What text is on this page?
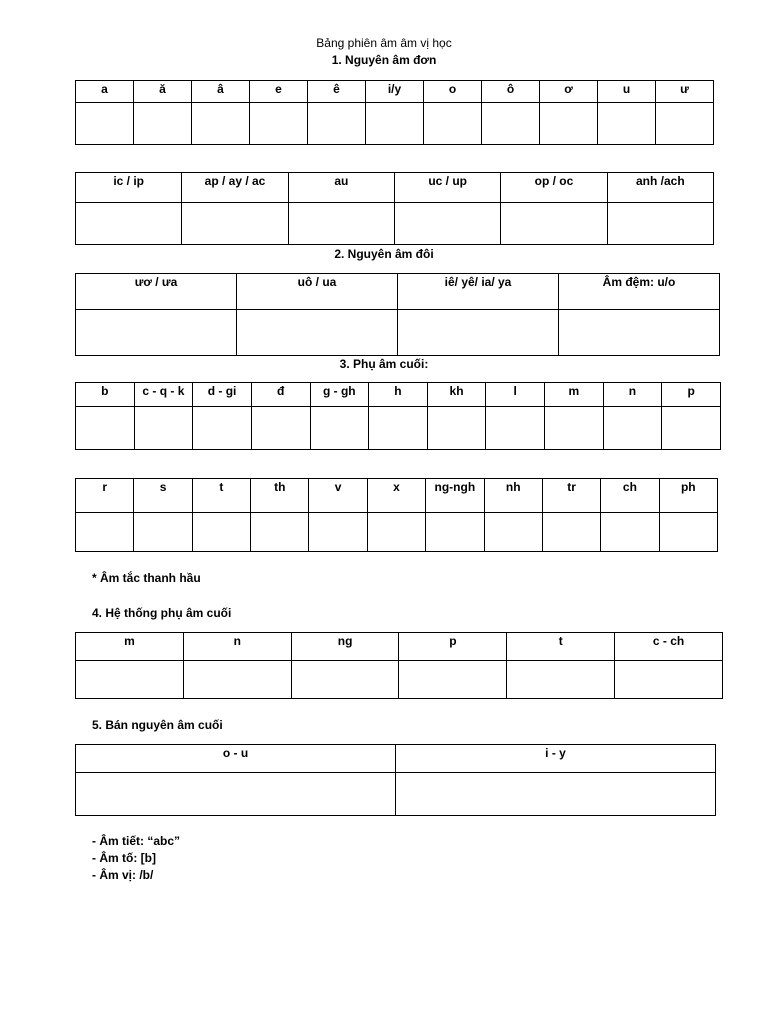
Bảng phiên âm âm vị học
1. Nguyên âm đơn
a	ă	â	e	ê	i/y	o	ô	ơ	u	ư

ic / ip	ap / ay / ac	au	uc / up	op / oc	anh /ach

2. Nguyên âm đôi
ươ / ưa	uô / ua	iê/ yê/ ia/ ya	Âm đệm: u/o

3. Phụ âm cuối:
b	c - q - k	d - gi	đ	g - gh	h	kh	l	m	n	p

r	s	t	th	v	x	ng-ngh	nh	tr	ch	ph

* Âm tắc thanh hầu
4. Hệ thống phụ âm cuối
m	n	ng	p	t	c - ch

5. Bán nguyên âm cuối
o - u	i - y

- Âm tiết: “abc”
- Âm tố: [b]
- Âm vị: /b/
